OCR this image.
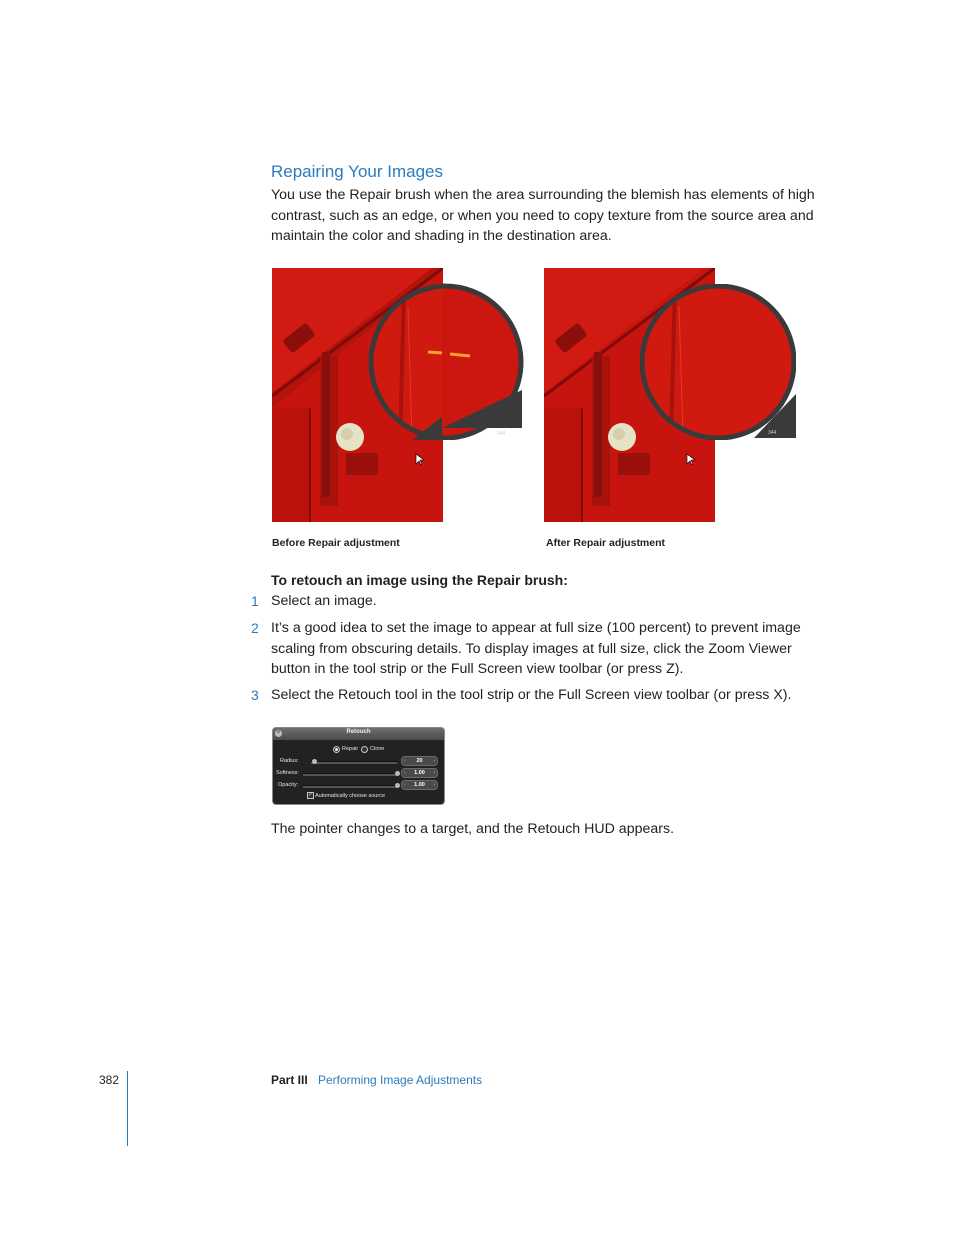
Repairing Your Images
You use the Repair brush when the area surrounding the blemish has elements of high contrast, such as an edge, or when you need to copy texture from the source area and maintain the color and shading in the destination area.
344
Before Repair adjustment
344
After Repair adjustment
To retouch an image using the Repair brush:
1 Select an image.
2 It’s a good idea to set the image to appear at full size (100 percent) to prevent image scaling from obscuring details. To display images at full size, click the Zoom Viewer button in the tool strip or the Full Screen view toolbar (or press Z).
3 Select the Retouch tool in the tool strip or the Full Screen view toolbar (or press X).
×	Retouch
Repair Clone
Radius:	‹	20	›
Softness:	‹	1.00	›
Opacity:	‹	1.00	›
✓ Automatically choose source
The pointer changes to a target, and the Retouch HUD appears.
382	Part III Performing Image Adjustments
